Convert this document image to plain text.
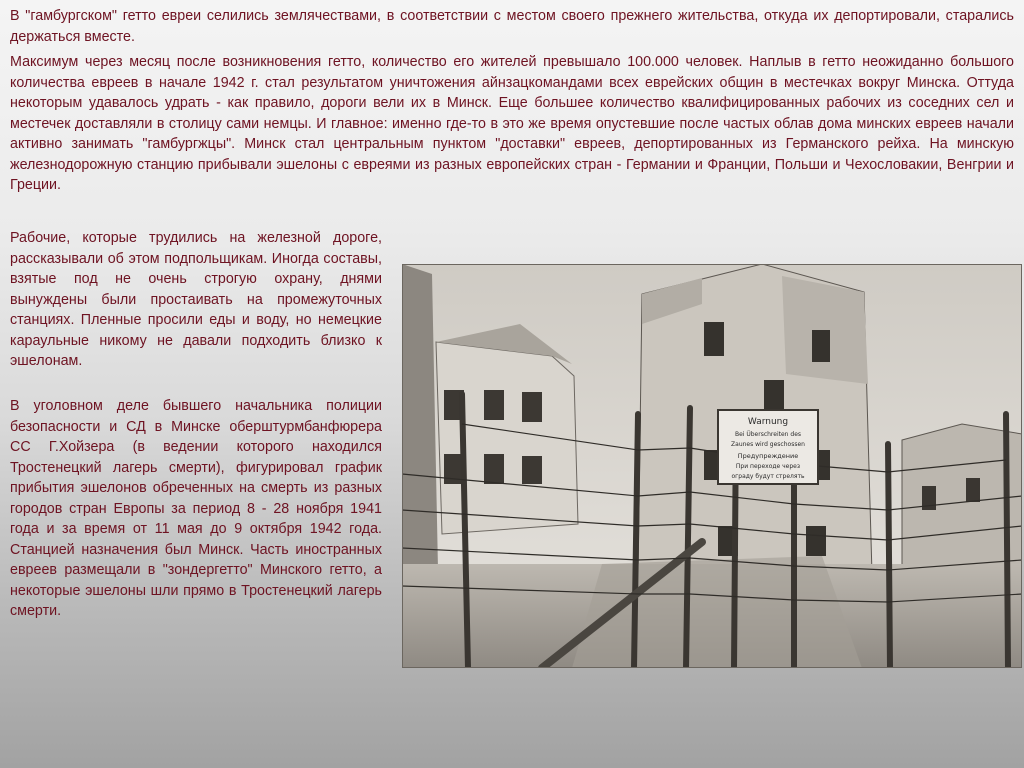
В "гамбургском" гетто евреи селились землячествами, в соответствии с местом своего прежнего жительства, откуда их депортировали, старались держаться вместе.

Максимум через месяц после возникновения гетто, количество его жителей превышало 100.000 человек. Наплыв в гетто неожиданно большого количества евреев в начале 1942 г. стал результатом уничтожения айнзацкомандами всех еврейских общин в местечках вокруг Минска. Оттуда некоторым удавалось удрать - как правило, дороги вели их в Минск. Еще большее количество квалифицированных рабочих из соседних сел и местечек доставляли в столицу сами немцы. И главное: именно где-то в это же время опустевшие после частых облав дома минских евреев начали активно занимать "гамбургжцы". Минск стал центральным пунктом "доставки" евреев, депортированных из Германского рейха. На минскую железнодорожную станцию прибывали эшелоны с евреями из разных европейских стран - Германии и Франции, Польши и Чехословакии, Венгрии и Греции.

Рабочие, которые трудились на железной дороге, рассказывали об этом подпольщикам. Иногда составы, взятые под не очень строгую охрану, днями вынуждены были простаивать на промежуточных станциях. Пленные просили еды и воду, но немецкие караульные никому не давали подходить близко к эшелонам.

В уголовном деле бывшего начальника полиции безопасности и СД в Минске оберштурмбанфюрера СС Г.Хойзера (в ведении которого находился Тростенецкий лагерь смерти), фигурировал график прибытия эшелонов обреченных на смерть из разных городов стран Европы за период 8 - 28 ноября 1941 года и за время от 11 мая до 9 октября 1942 года. Станцией назначения был Минск. Часть иностранных евреев размещали в "зондергетто" Минского гетто, а некоторые эшелоны шли прямо в Тростенецкий лагерь смерти.

Warnung
Bei Überschreiten des
Zaunes wird geschossen
Предупреждение
При переходе через
ограду будут стрелять
